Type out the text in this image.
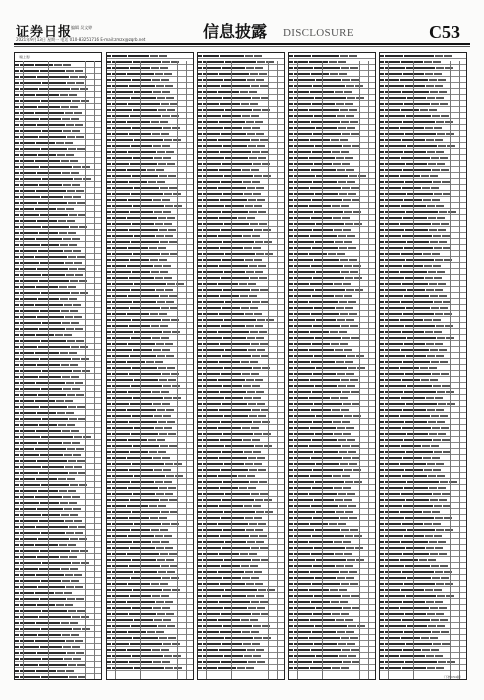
证券日报
编辑 吴文婷
2021年9月13日 星期一 电话 010-83251716 E-mail:zmzx@zqrb.net	信息披露 DISCLOSURE	C53
（续上表）
（下转C54版）
